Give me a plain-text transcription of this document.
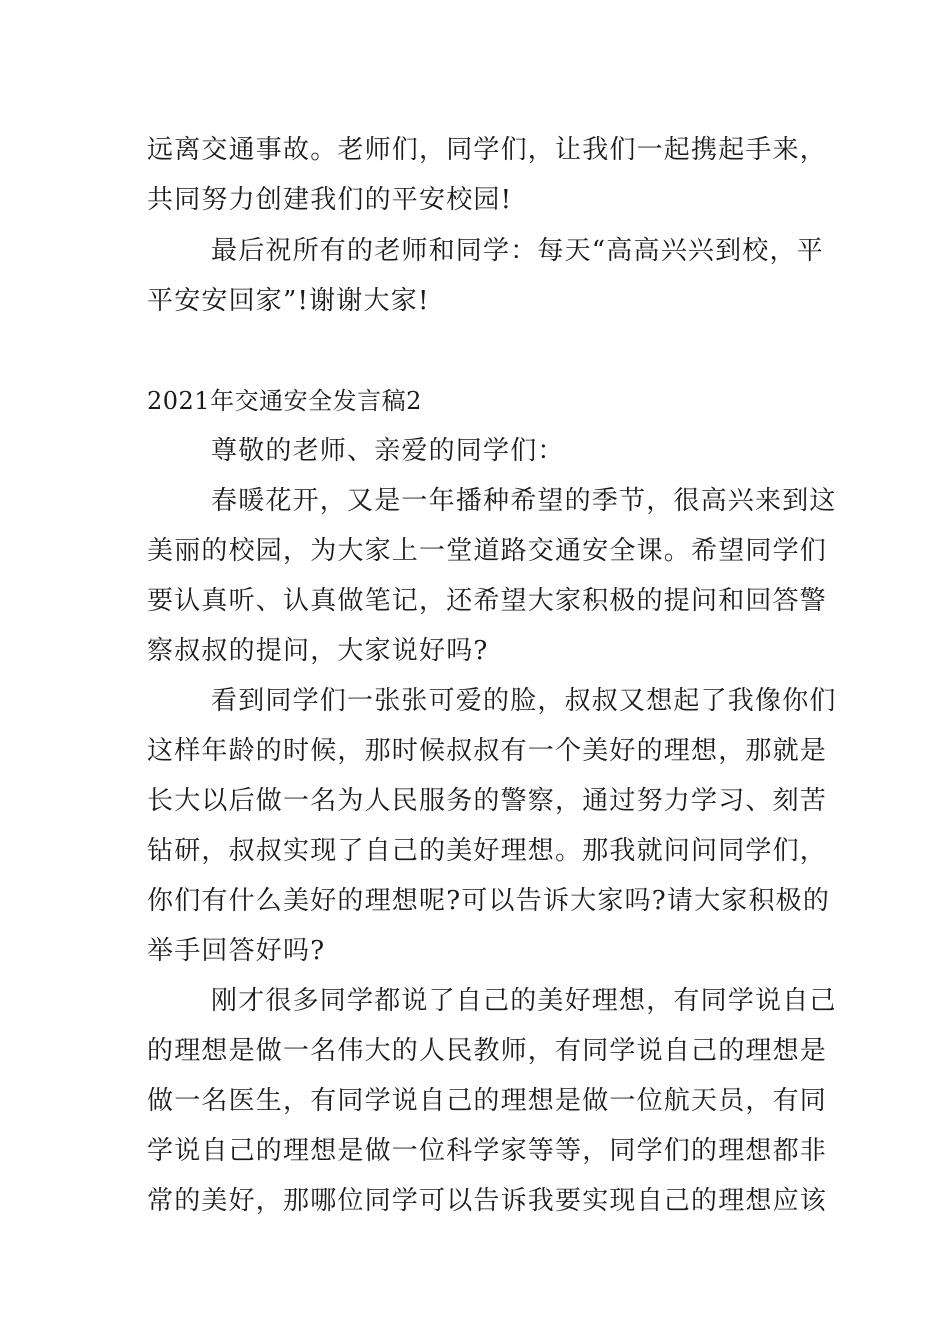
远离交通事故。老师们，同学们，让我们一起携起手来，
共同努力创建我们的平安校园!
最后祝所有的老师和同学：每天“高高兴兴到校，平
平安安回家”!谢谢大家!
2021年交通安全发言稿2
尊敬的老师、亲爱的同学们：
春暖花开，又是一年播种希望的季节，很高兴来到这
美丽的校园，为大家上一堂道路交通安全课。希望同学们
要认真听、认真做笔记，还希望大家积极的提问和回答警
察叔叔的提问，大家说好吗?
看到同学们一张张可爱的脸，叔叔又想起了我像你们
这样年龄的时候，那时候叔叔有一个美好的理想，那就是
长大以后做一名为人民服务的警察，通过努力学习、刻苦
钻研，叔叔实现了自己的美好理想。那我就问问同学们，
你们有什么美好的理想呢?可以告诉大家吗?请大家积极的
举手回答好吗?
刚才很多同学都说了自己的美好理想，有同学说自己
的理想是做一名伟大的人民教师，有同学说自己的理想是
做一名医生，有同学说自己的理想是做一位航天员，有同
学说自己的理想是做一位科学家等等，同学们的理想都非
常的美好，那哪位同学可以告诉我要实现自己的理想应该
